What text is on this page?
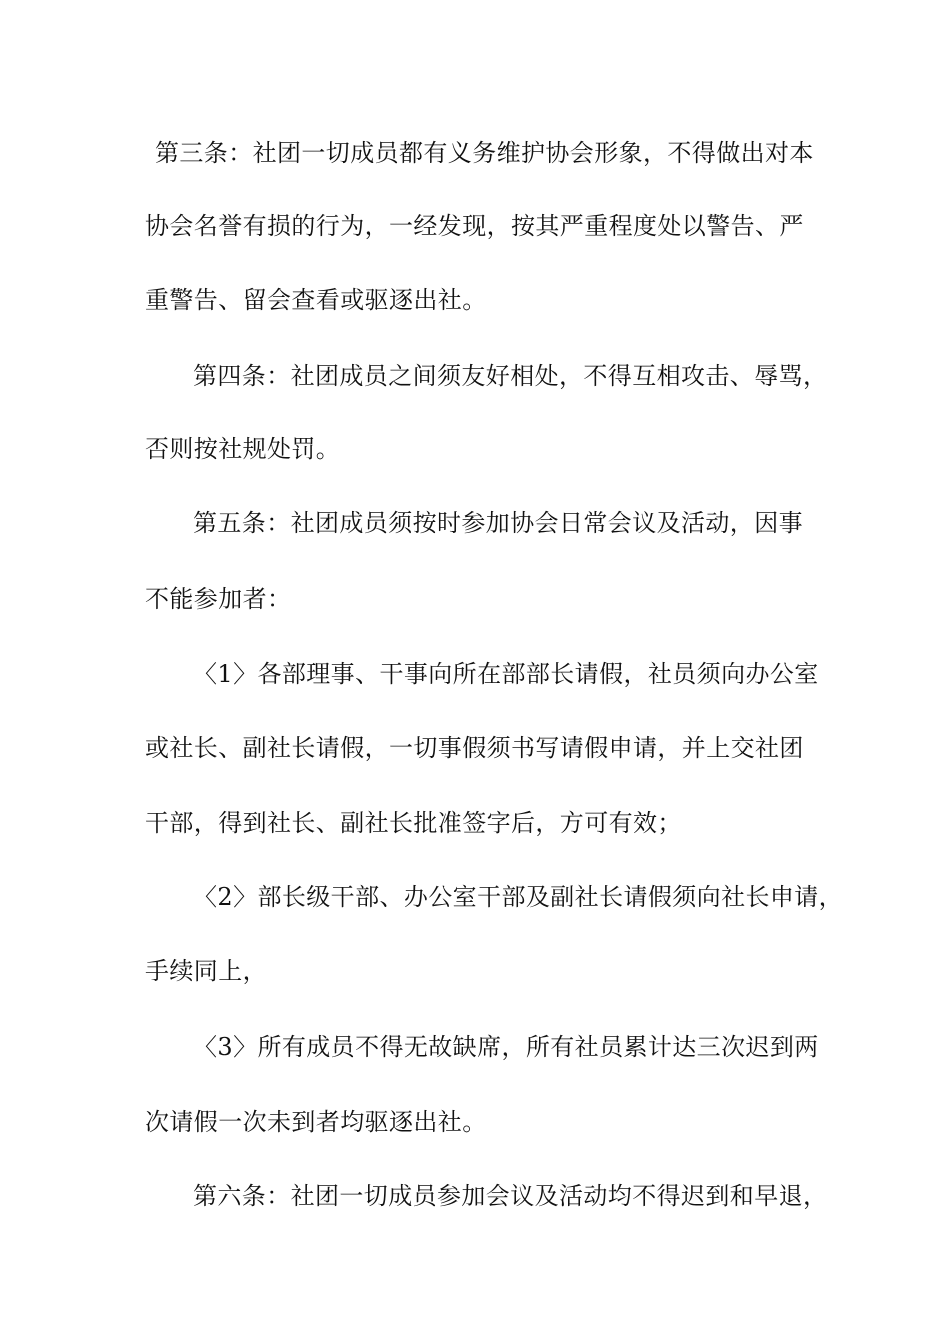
第三条：社团一切成员都有义务维护协会形象，不得做出对本
协会名誉有损的行为，一经发现，按其严重程度处以警告、严
重警告、留会查看或驱逐出社。
第四条：社团成员之间须友好相处，不得互相攻击、辱骂，
否则按社规处罚。
第五条：社团成员须按时参加协会日常会议及活动，因事
不能参加者：
〈1〉各部理事、干事向所在部部长请假，社员须向办公室
或社长、副社长请假，一切事假须书写请假申请，并上交社团
干部，得到社长、副社长批准签字后，方可有效；
〈2〉部长级干部、办公室干部及副社长请假须向社长申请，
手续同上，
〈3〉所有成员不得无故缺席，所有社员累计达三次迟到两
次请假一次未到者均驱逐出社。
第六条：社团一切成员参加会议及活动均不得迟到和早退，
